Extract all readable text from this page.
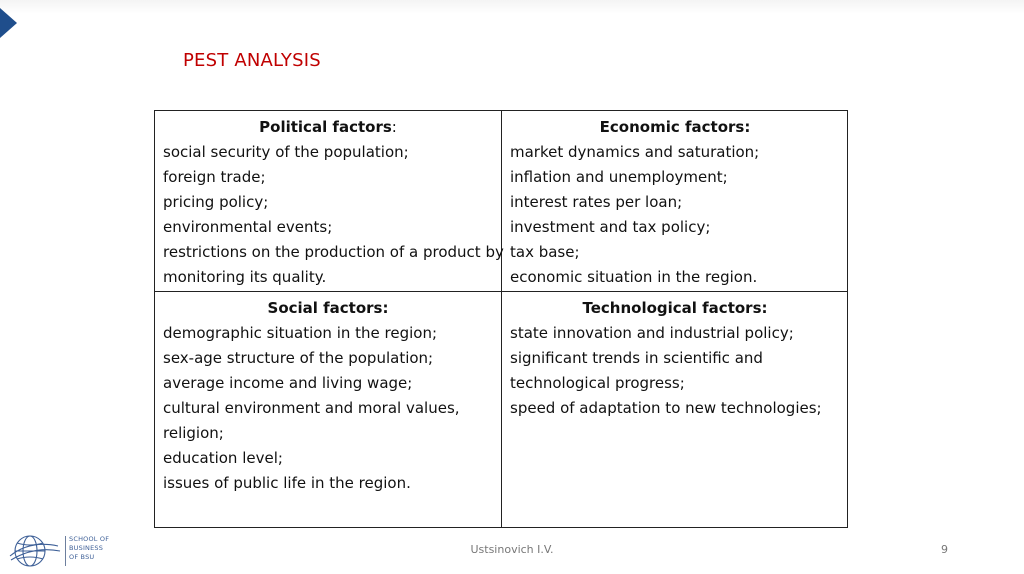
PEST ANALYSIS
Political factors:
social security of the population;
foreign trade;
pricing policy;
environmental events;
restrictions on the production of a product by
monitoring its quality.
Economic factors:
market dynamics and saturation;
inflation and unemployment;
interest rates per loan;
investment and tax policy;
tax base;
economic situation in the region.
Social factors:
demographic situation in the region;
sex-age structure of the population;
average income and living wage;
cultural environment and moral values,
religion;
education level;
issues of public life in the region.
Technological factors:
state innovation and industrial policy;
significant trends in scientific and
technological progress;
speed of adaptation to new technologies;
SCHOOL OF
BUSINESS
OF BSU
Ustsinovich I.V.	9
